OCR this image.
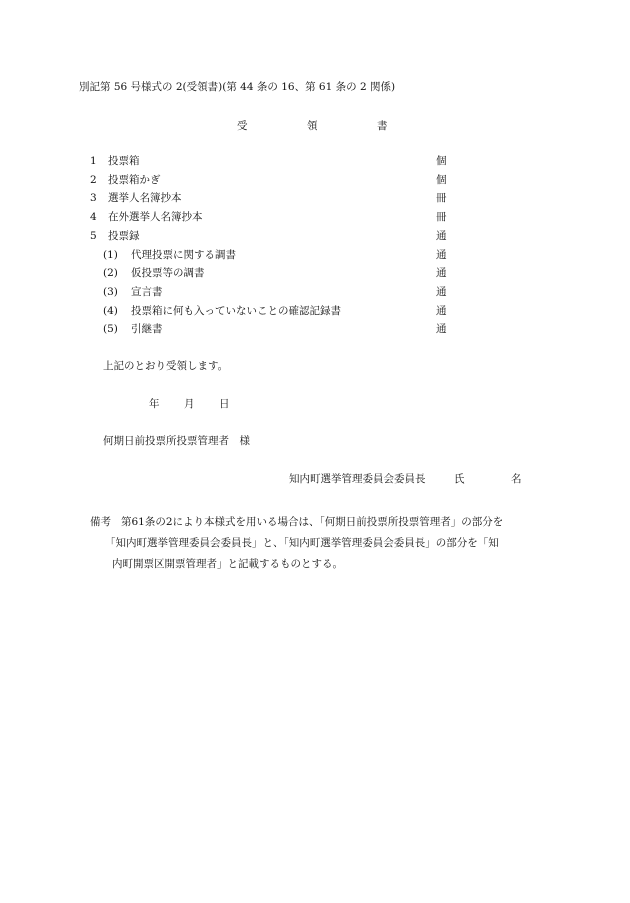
別記第 56 号様式の 2(受領書)(第 44 条の 16、第 61 条の 2 関係)
受	領	書
1 投票箱	個
2 投票箱かぎ	個
3 選挙人名簿抄本	冊
4 在外選挙人名簿抄本	冊
5 投票録	通
(1) 代理投票に関する調書	通
(2) 仮投票等の調書	通
(3) 宣言書	通
(4) 投票箱に何も入っていないことの確認記録書	通
(5) 引継書	通
上記のとおり受領します。
年 月 日
何期日前投票所投票管理者　様
知内町選挙管理委員会委員長	氏	名
備考 第61条の2により本様式を用いる場合は、「何期日前投票所投票管理者」の部分を
「知内町選挙管理委員会委員長」と、「知内町選挙管理委員会委員長」の部分を「知
内町開票区開票管理者」と記載するものとする。
